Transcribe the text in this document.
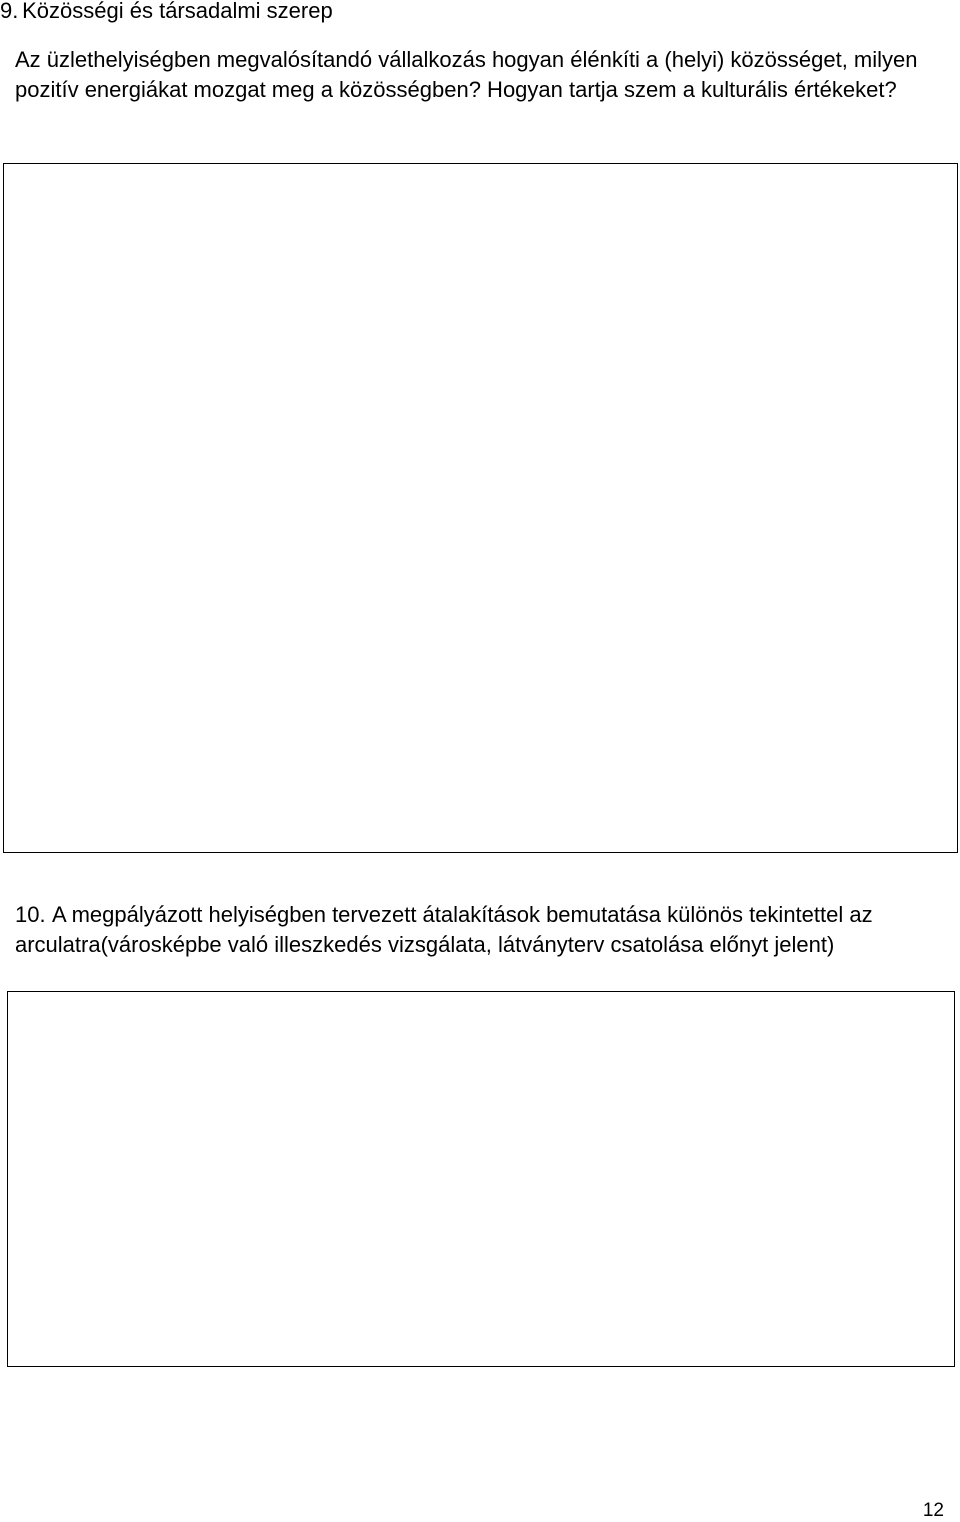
9. Közösségi és társadalmi szerep

Az üzlethelyiségben megvalósítandó vállalkozás hogyan élénkíti a (helyi) közösséget, milyen pozitív energiákat mozgat meg a közösségben? Hogyan tartja szem a kulturális értékeket?

10. A megpályázott helyiségben tervezett átalakítások bemutatása különös tekintettel az arculatra(városképbe való illeszkedés vizsgálata, látványterv csatolása előnyt jelent)

12
